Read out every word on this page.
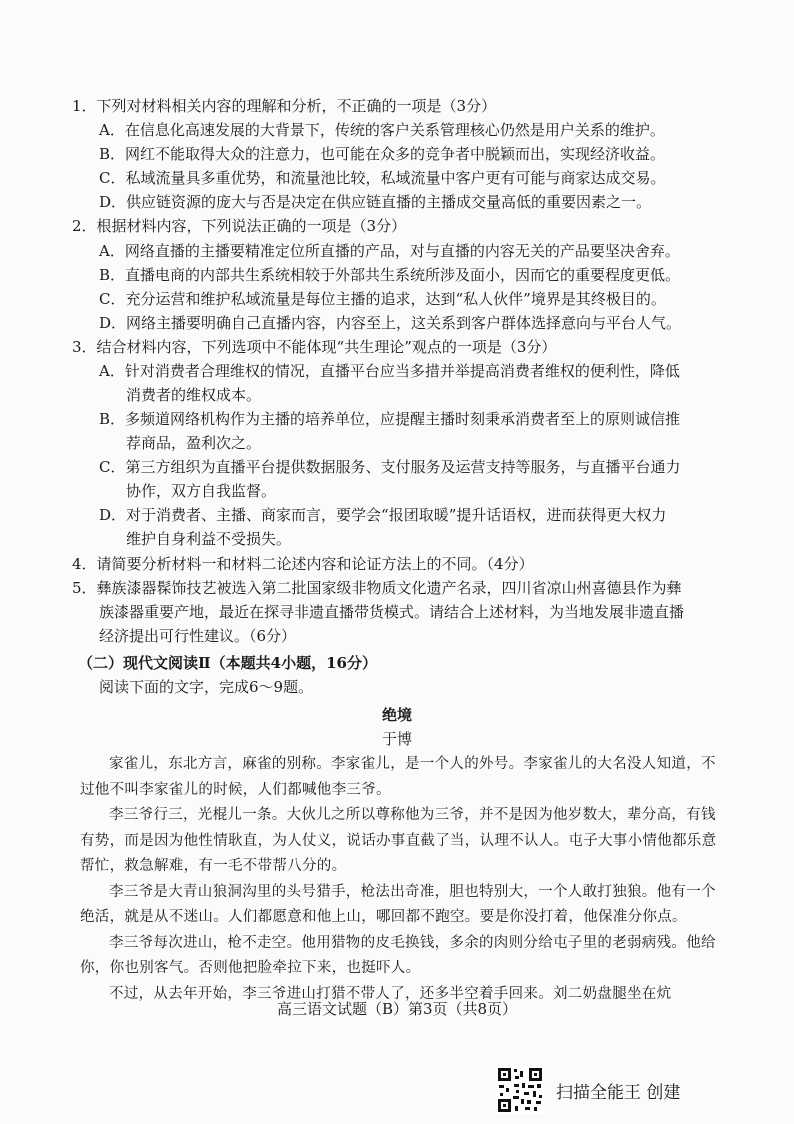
1．下列对材料相关内容的理解和分析，不正确的一项是（3分）
A．在信息化高速发展的大背景下，传统的客户关系管理核心仍然是用户关系的维护。
B．网红不能取得大众的注意力，也可能在众多的竞争者中脱颖而出，实现经济收益。
C．私域流量具多重优势，和流量池比较，私域流量中客户更有可能与商家达成交易。
D．供应链资源的庞大与否是决定在供应链直播的主播成交量高低的重要因素之一。
2．根据材料内容，下列说法正确的一项是（3分）
A．网络直播的主播要精准定位所直播的产品，对与直播的内容无关的产品要坚决舍弃。
B．直播电商的内部共生系统相较于外部共生系统所涉及面小，因而它的重要程度更低。
C．充分运营和维护私域流量是每位主播的追求，达到“私人伙伴”境界是其终极目的。
D．网络主播要明确自己直播内容，内容至上，这关系到客户群体选择意向与平台人气。
3．结合材料内容，下列选项中不能体现“共生理论”观点的一项是（3分）
A．针对消费者合理维权的情况，直播平台应当多措并举提高消费者维权的便利性，降低
消费者的维权成本。
B．多频道网络机构作为主播的培养单位，应提醒主播时刻秉承消费者至上的原则诚信推
荐商品，盈利次之。
C．第三方组织为直播平台提供数据服务、支付服务及运营支持等服务，与直播平台通力
协作，双方自我监督。
D．对于消费者、主播、商家而言，要学会“报团取暖”提升话语权，进而获得更大权力
维护自身利益不受损失。
4．请简要分析材料一和材料二论述内容和论证方法上的不同。（4分）
5．彝族漆器髹饰技艺被选入第二批国家级非物质文化遗产名录，四川省凉山州喜德县作为彝
族漆器重要产地，最近在探寻非遗直播带货模式。请结合上述材料，为当地发展非遗直播
经济提出可行性建议。（6分）
（二）现代文阅读Ⅱ（本题共4小题，16分）
阅读下面的文字，完成6～9题。
绝境
于博

家雀儿，东北方言，麻雀的别称。李家雀儿，是一个人的外号。李家雀儿的大名没人知道，不过他不叫李家雀儿的时候，人们都喊他李三爷。

李三爷行三，光棍儿一条。大伙儿之所以尊称他为三爷，并不是因为他岁数大，辈分高，有钱有势，而是因为他性情耿直，为人仗义，说话办事直截了当，认理不认人。屯子大事小情他都乐意帮忙，救急解难，有一毛不带帮八分的。

李三爷是大青山狼洞沟里的头号猎手，枪法出奇准，胆也特别大，一个人敢打独狼。他有一个绝活，就是从不迷山。人们都愿意和他上山，哪回都不跑空。要是你没打着，他保准分你点。

李三爷每次进山，枪不走空。他用猎物的皮毛换钱，多余的肉则分给屯子里的老弱病残。他给你，你也别客气。否则他把脸牵拉下来，也挺吓人。

不过，从去年开始，李三爷进山打猎不带人了，还多半空着手回来。刘二奶盘腿坐在炕

高三语文试题（B）第3页（共8页）
扫描全能王 创建
